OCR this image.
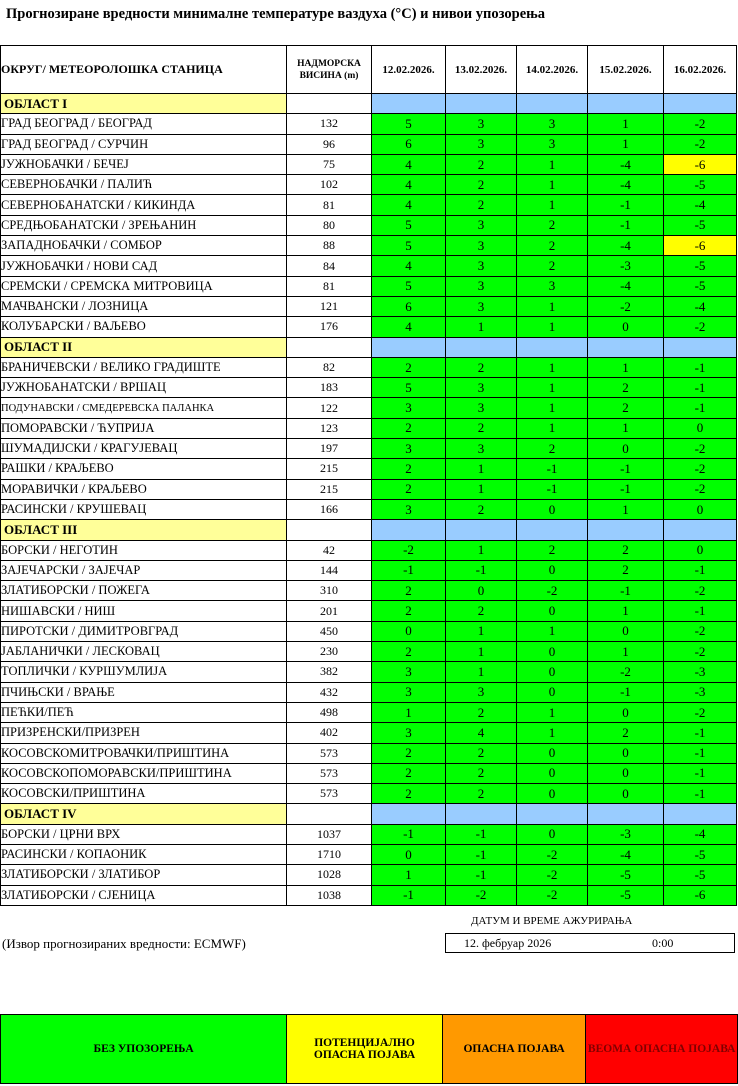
Прогнозиране вредности минималне температуре ваздуха (°C) и нивои упозорења
ОКРУГ/ МЕТЕОРОЛОШКА СТАНИЦА	НАДМОРСКА
ВИСИНА (m)	12.02.2026.	13.02.2026.	14.02.2026.	15.02.2026.	16.02.2026.
ОБЛАСТ I						
ГРАД БЕОГРАД / БЕОГРАД	132	5	3	3	1	-2
ГРАД БЕОГРАД / СУРЧИН	96	6	3	3	1	-2
ЈУЖНОБАЧКИ / БЕЧЕЈ	75	4	2	1	-4	-6
СЕВЕРНОБАЧКИ / ПАЛИЋ	102	4	2	1	-4	-5
СЕВЕРНОБАНАТСКИ / КИКИНДА	81	4	2	1	-1	-4
СРЕДЊОБАНАТСКИ / ЗРЕЊАНИН	80	5	3	2	-1	-5
ЗАПАДНОБАЧКИ / СОМБОР	88	5	3	2	-4	-6
ЈУЖНОБАЧКИ / НОВИ САД	84	4	3	2	-3	-5
СРЕМСКИ / СРЕМСКА МИТРОВИЦА	81	5	3	3	-4	-5
МАЧВАНСКИ / ЛОЗНИЦА	121	6	3	1	-2	-4
КОЛУБАРСКИ / ВАЉЕВО	176	4	1	1	0	-2
ОБЛАСТ II						
БРАНИЧЕВСКИ / ВЕЛИКО ГРАДИШТЕ	82	2	2	1	1	-1
ЈУЖНОБАНАТСКИ / ВРШАЦ	183	5	3	1	2	-1
ПОДУНАВСКИ / СМЕДЕРЕВСКА ПАЛАНКА	122	3	3	1	2	-1
ПОМОРАВСКИ / ЋУПРИЈА	123	2	2	1	1	0
ШУМАДИЈСКИ / КРАГУЈЕВАЦ	197	3	3	2	0	-2
РАШКИ / КРАЉЕВО	215	2	1	-1	-1	-2
МОРАВИЧКИ / КРАЉЕВО	215	2	1	-1	-1	-2
РАСИНСКИ / КРУШЕВАЦ	166	3	2	0	1	0
ОБЛАСТ III						
БОРСКИ / НЕГОТИН	42	-2	1	2	2	0
ЗАЈЕЧАРСКИ / ЗАЈЕЧАР	144	-1	-1	0	2	-1
ЗЛАТИБОРСКИ / ПОЖЕГА	310	2	0	-2	-1	-2
НИШАВСКИ / НИШ	201	2	2	0	1	-1
ПИРОТСКИ / ДИМИТРОВГРАД	450	0	1	1	0	-2
ЈАБЛАНИЧКИ / ЛЕСКОВАЦ	230	2	1	0	1	-2
ТОПЛИЧКИ / КУРШУМЛИЈА	382	3	1	0	-2	-3
ПЧИЊСКИ / ВРАЊЕ	432	3	3	0	-1	-3
ПЕЋКИ/ПЕЋ	498	1	2	1	0	-2
ПРИЗРЕНСКИ/ПРИЗРЕН	402	3	4	1	2	-1
КОСОВСКОМИТРОВАЧКИ/ПРИШТИНА	573	2	2	0	0	-1
КОСОВСКОПОМОРАВСКИ/ПРИШТИНА	573	2	2	0	0	-1
КОСОВСКИ/ПРИШТИНА	573	2	2	0	0	-1
ОБЛАСТ IV						
БОРСКИ / ЦРНИ ВРХ	1037	-1	-1	0	-3	-4
РАСИНСКИ / КОПАОНИК	1710	0	-1	-2	-4	-5
ЗЛАТИБОРСКИ / ЗЛАТИБОР	1028	1	-1	-2	-5	-5
ЗЛАТИБОРСКИ / СЈЕНИЦА	1038	-1	-2	-2	-5	-6
ДАТУМ И ВРЕМЕ АЖУРИРАЊА
12. фебруар 2026	0:00
(Извор прогнозираних вредности: ECMWF)
БЕЗ УПОЗОРЕЊА	ПОТЕНЦИЈАЛНО ОПАСНА ПОЈАВА	ОПАСНА ПОЈАВА	ВЕОМА ОПАСНА ПОЈАВА
